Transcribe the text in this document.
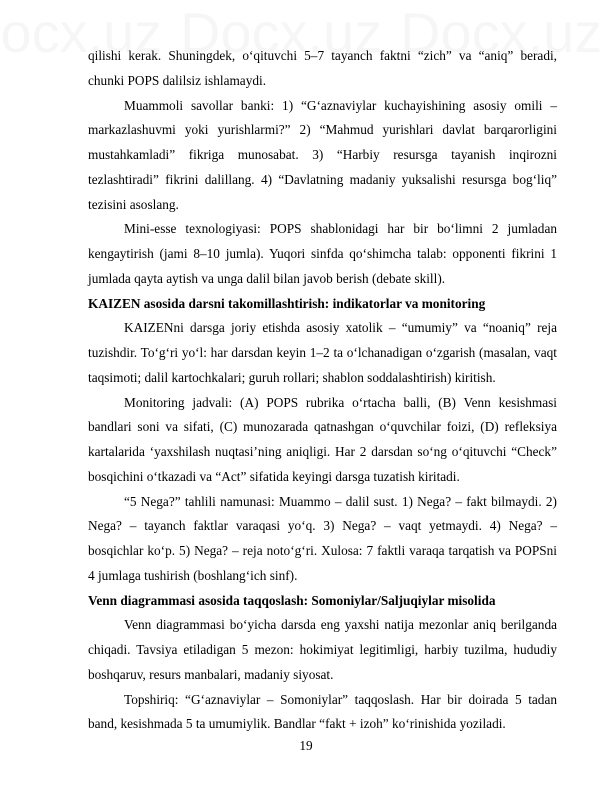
qilishi kerak. Shuningdek, o‘qituvchi 5–7 tayanch faktni “zich” va “aniq” beradi, chunki POPS dalilsiz ishlamaydi.

Muammoli savollar banki: 1) “G‘aznaviylar kuchayishining asosiy omili – markazlashuvmi yoki yurishlarmi?” 2) “Mahmud yurishlari davlat barqarorligini mustahkamladi” fikriga munosabat. 3) “Harbiy resursga tayanish inqirozni tezlashtiradi” fikrini dalillang. 4) “Davlatning madaniy yuksalishi resursga bog‘liq” tezisini asoslang.

Mini-esse texnologiyasi: POPS shablonidagi har bir bo‘limni 2 jumladan kengaytirish (jami 8–10 jumla). Yuqori sinfda qo‘shimcha talab: opponenti fikrini 1 jumlada qayta aytish va unga dalil bilan javob berish (debate skill).

KAIZEN asosida darsni takomillashtirish: indikatorlar va monitoring

KAIZENni darsga joriy etishda asosiy xatolik – “umumiy” va “noaniq” reja tuzishdir. To‘g‘ri yo‘l: har darsdan keyin 1–2 ta o‘lchanadigan o‘zgarish (masalan, vaqt taqsimoti; dalil kartochkalari; guruh rollari; shablon soddalashtirish) kiritish.

Monitoring jadvali: (A) POPS rubrika o‘rtacha balli, (B) Venn kesishmasi bandlari soni va sifati, (C) munozarada qatnashgan o‘quvchilar foizi, (D) refleksiya kartalarida ‘yaxshilash nuqtasi’ning aniqligi. Har 2 darsdan so‘ng o‘qituvchi “Check” bosqichini o‘tkazadi va “Act” sifatida keyingi darsga tuzatish kiritadi.

“5 Nega?” tahlili namunasi: Muammo – dalil sust. 1) Nega? – fakt bilmaydi. 2) Nega? – tayanch faktlar varaqasi yo‘q. 3) Nega? – vaqt yetmaydi. 4) Nega? – bosqichlar ko‘p. 5) Nega? – reja noto‘g‘ri. Xulosa: 7 faktli varaqa tarqatish va POPSni 4 jumlaga tushirish (boshlang‘ich sinf).

Venn diagrammasi asosida taqqoslash: Somoniylar/Saljuqiylar misolida

Venn diagrammasi bo‘yicha darsda eng yaxshi natija mezonlar aniq berilganda chiqadi. Tavsiya etiladigan 5 mezon: hokimiyat legitimligi, harbiy tuzilma, hududiy boshqaruv, resurs manbalari, madaniy siyosat.

Topshiriq: “G‘aznaviylar – Somoniylar” taqqoslash. Har bir doirada 5 tadan band, kesishmada 5 ta umumiylik. Bandlar “fakt + izoh” ko‘rinishida yoziladi.

19
